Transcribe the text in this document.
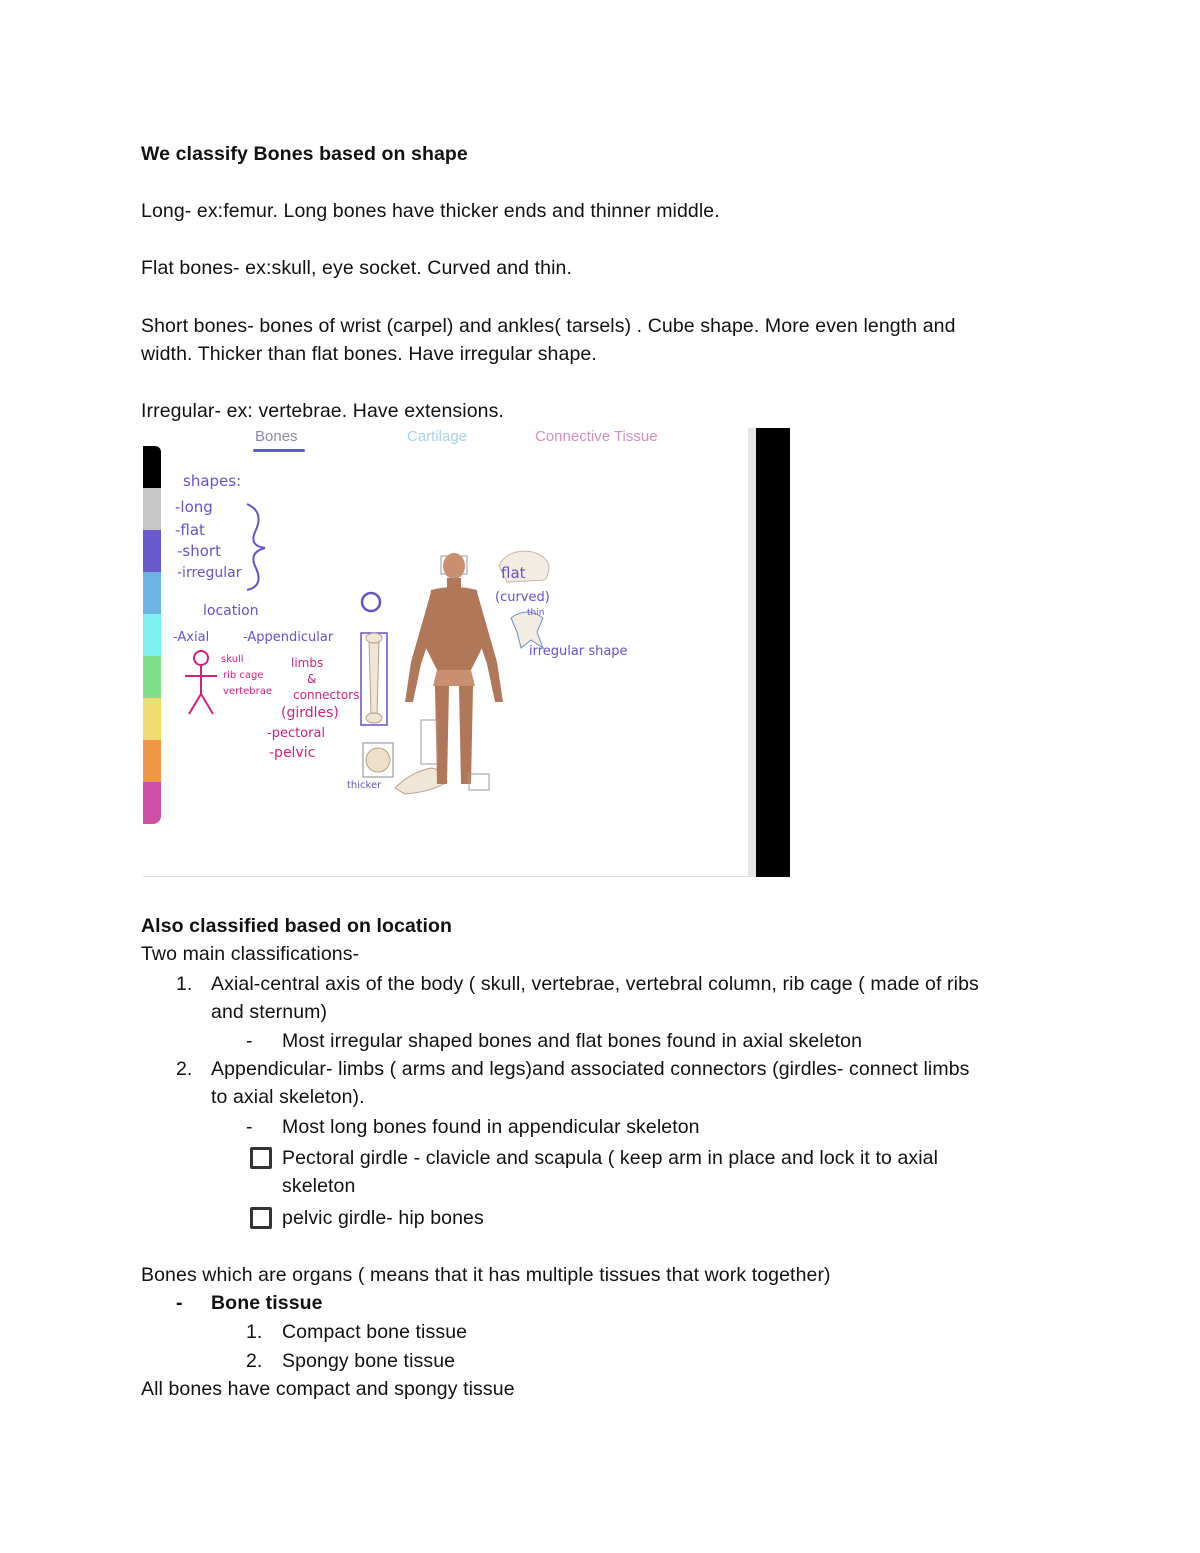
We classify Bones based on shape
Long- ex:femur. Long bones have thicker ends and thinner middle.
Flat bones- ex:skull, eye socket. Curved and thin.
Short bones- bones of wrist (carpel) and ankles( tarsels) . Cube shape. More even length and
width. Thicker than flat bones. Have irregular shape.
Irregular- ex: vertebrae. Have extensions.
Bones	Cartilage	Connective Tissue
shapes:
-long
-flat
-short
-irregular
location
-Axial	-Appendicular
skull
rib cage
vertebrae
limbs
&
connectors
(girdles)
-pectoral
-pelvic
thicker
flat
(curved)
thin
irregular shape
Also classified based on location
Two main classifications-
1. Axial-central axis of the body ( skull, vertebrae, vertebral column, rib cage ( made of ribs
and sternum)
- Most irregular shaped bones and flat bones found in axial skeleton
2. Appendicular- limbs ( arms and legs)and associated connectors (girdles- connect limbs
to axial skeleton).
- Most long bones found in appendicular skeleton
Pectoral girdle - clavicle and scapula ( keep arm in place and lock it to axial
skeleton
pelvic girdle- hip bones
Bones which are organs ( means that it has multiple tissues that work together)
- Bone tissue
1. Compact bone tissue
2. Spongy bone tissue
All bones have compact and spongy tissue
